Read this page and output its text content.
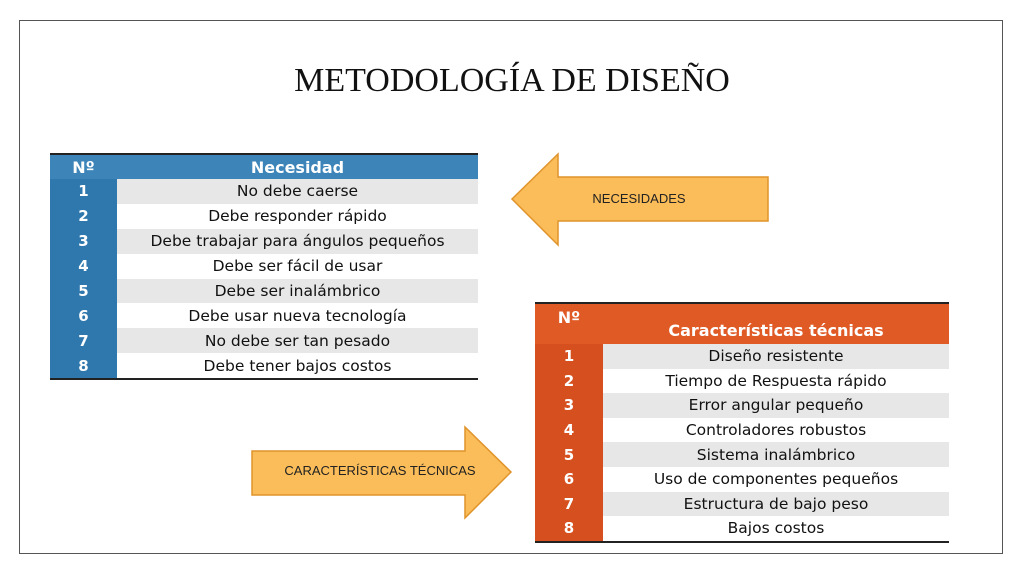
METODOLOGÍA DE DISEÑO
Nº	Necesidad
1	No debe caerse
2	Debe responder rápido
3	Debe trabajar para ángulos pequeños
4	Debe ser fácil de usar
5	Debe ser inalámbrico
6	Debe usar nueva tecnología
7	No debe ser tan pesado
8	Debe tener bajos costos
NECESIDADES
CARACTERÍSTICAS TÉCNICAS
Nº	Características técnicas
1	Diseño resistente
2	Tiempo de Respuesta rápido
3	Error angular pequeño
4	Controladores robustos
5	Sistema inalámbrico
6	Uso de componentes pequeños
7	Estructura de bajo peso
8	Bajos costos
